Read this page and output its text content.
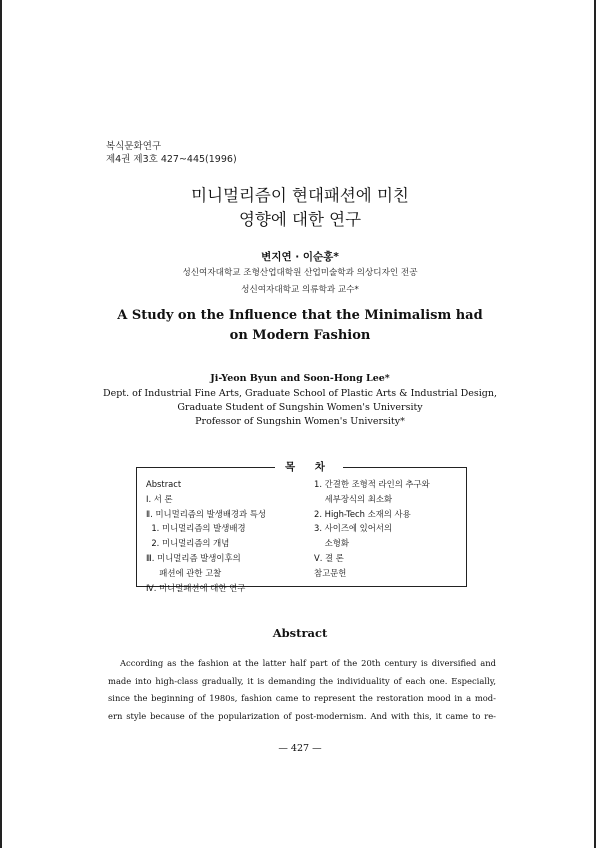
복식문화연구
제4권 제3호 427~445(1996)
미니멀리즘이 현대패션에 미친
영향에 대한 연구
변지연 · 이순홍*
성신여자대학교 조형산업대학원 산업미술학과 의상디자인 전공
성신여자대학교 의류학과 교수*
A Study on the Influence that the Minimalism had
on Modern Fashion
Ji-Yeon Byun and Soon-Hong Lee*
Dept. of Industrial Fine Arts, Graduate School of Plastic Arts & Industrial Design,
Graduate Student of Sungshin Women's University
Professor of Sungshin Women's University*
목 차
Abstract
Ⅰ. 서 론
Ⅱ. 미니멀리즘의 발생배경과 특성
1. 미니멀리즘의 발생배경
2. 미니멀리즘의 개념
Ⅲ. 미니멀리즘 발생이후의
패션에 관한 고찰
Ⅳ. 미니멀패션에 대한 연구
1. 간결한 조형적 라인의 추구와
세부장식의 최소화
2. High-Tech 소재의 사용
3. 사이즈에 있어서의
소형화
Ⅴ. 결 론
참고문헌
Abstract
According as the fashion at the latter half part of the 20th century is diversified and
made into high-class gradually, it is demanding the individuality of each one. Especially,
since the beginning of 1980s, fashion came to represent the restoration mood in a mod-
ern style because of the popularization of post-modernism. And with this, it came to re-
— 427 —
